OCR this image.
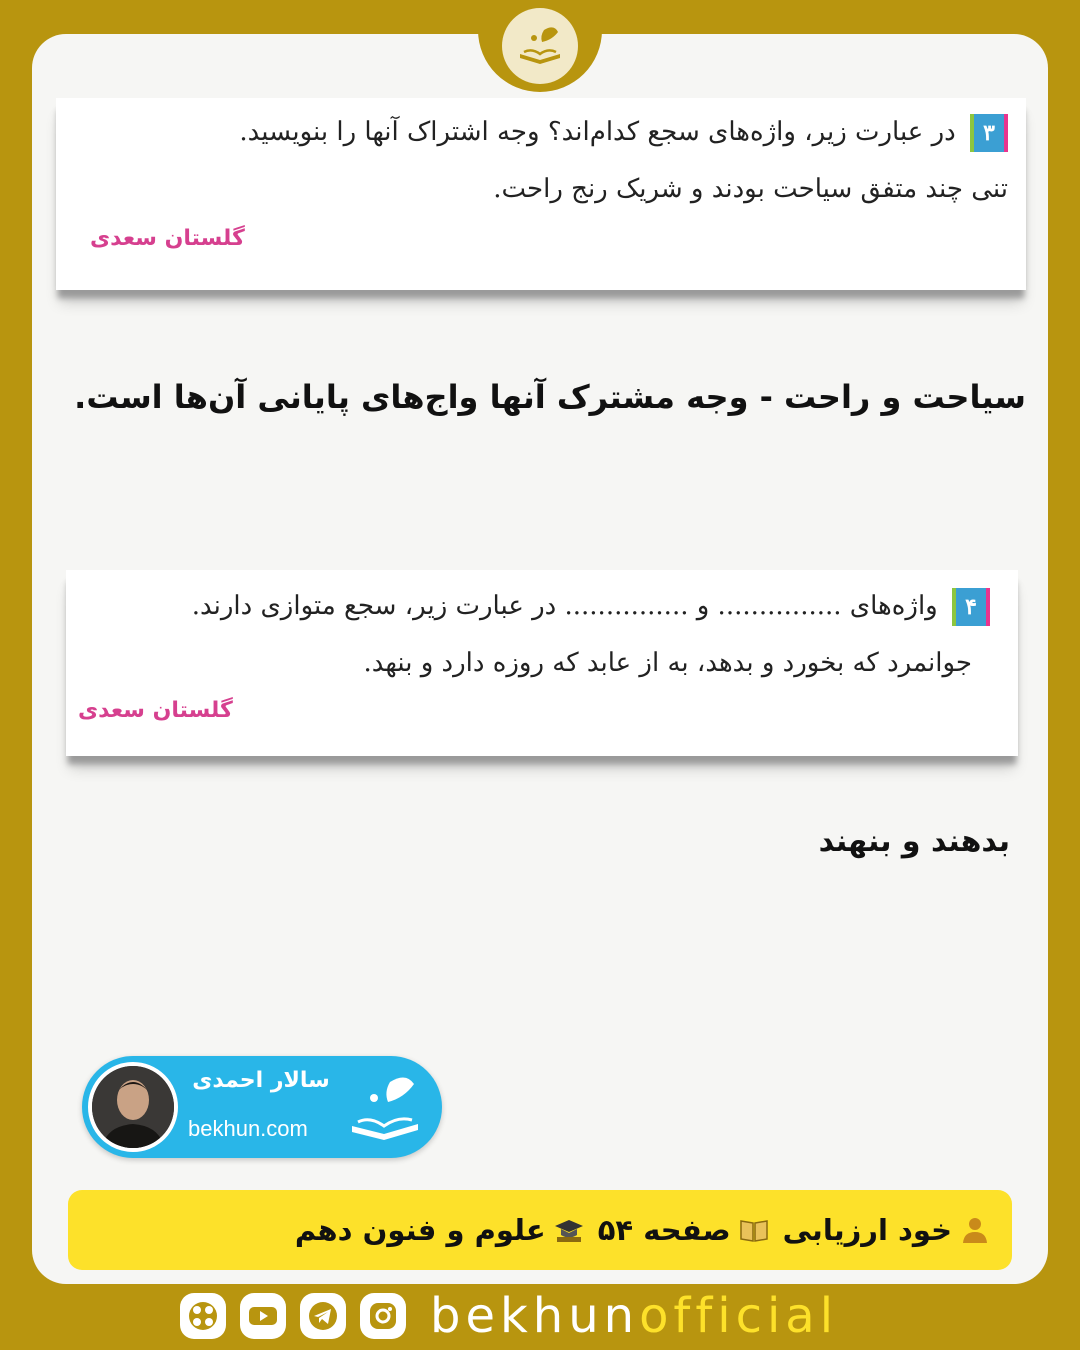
۳ در عبارت زیر، واژه‌های سجع کدام‌اند؟ وجه اشتراک آنها را بنویسید.
تنی چند متفق سیاحت بودند و شریک رنج راحت.
گلستان سعدی
سیاحت و راحت - وجه مشترک آنها واج‌های پایانی آن‌ها است.
۴ واژه‌های ............... و ............... در عبارت زیر، سجع متوازی دارند.
جوانمرد که بخورد و بدهد، به از عابد که روزه دارد و بنهد.
گلستان سعدی
بدهند و بنهند
سالار احمدی
bekhun.com
خود ارزیابی
صفحه ۵۴
علوم و فنون دهم
bekhunofficial
